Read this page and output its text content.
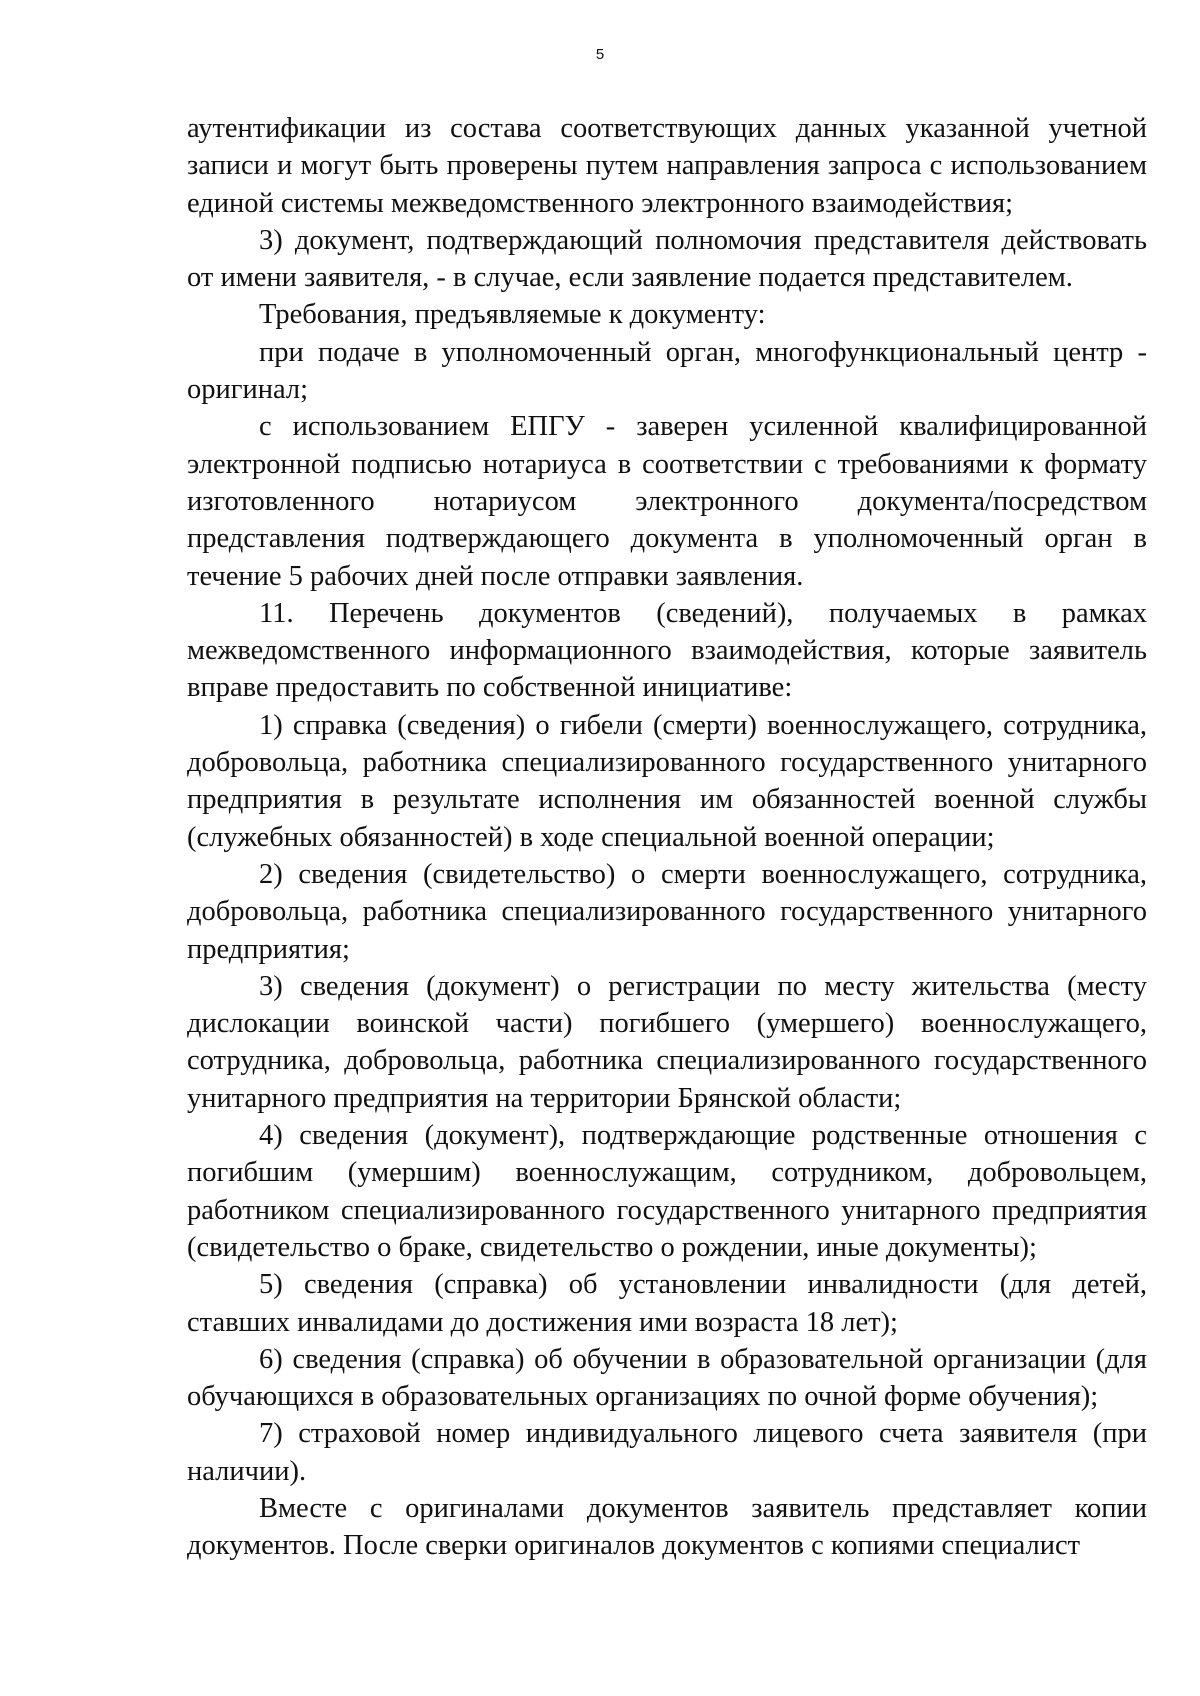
5

аутентификации из состава соответствующих данных указанной учетной записи и могут быть проверены путем направления запроса с использованием единой системы межведомственного электронного взаимодействия;

3) документ, подтверждающий полномочия представителя действовать от имени заявителя, - в случае, если заявление подается представителем.

Требования, предъявляемые к документу:

при подаче в уполномоченный орган, многофункциональный центр - оригинал;

с использованием ЕПГУ - заверен усиленной квалифицированной электронной подписью нотариуса в соответствии с требованиями к формату изготовленного нотариусом электронного документа/посредством представления подтверждающего документа в уполномоченный орган в течение 5 рабочих дней после отправки заявления.

11. Перечень документов (сведений), получаемых в рамках межведомственного информационного взаимодействия, которые заявитель вправе предоставить по собственной инициативе:

1) справка (сведения) о гибели (смерти) военнослужащего, сотрудника, добровольца, работника специализированного государственного унитарного предприятия в результате исполнения им обязанностей военной службы (служебных обязанностей) в ходе специальной военной операции;

2) сведения (свидетельство) о смерти военнослужащего, сотрудника, добровольца, работника специализированного государственного унитарного предприятия;

3) сведения (документ) о регистрации по месту жительства (месту дислокации воинской части) погибшего (умершего) военнослужащего, сотрудника, добровольца, работника специализированного государственного унитарного предприятия на территории Брянской области;

4) сведения (документ), подтверждающие родственные отношения с погибшим (умершим) военнослужащим, сотрудником, добровольцем, работником специализированного государственного унитарного предприятия (свидетельство о браке, свидетельство о рождении, иные документы);

5) сведения (справка) об установлении инвалидности (для детей, ставших инвалидами до достижения ими возраста 18 лет);

6) сведения (справка) об обучении в образовательной организации (для обучающихся в образовательных организациях по очной форме обучения);

7) страховой номер индивидуального лицевого счета заявителя (при наличии).

Вместе с оригиналами документов заявитель представляет копии документов. После сверки оригиналов документов с копиями специалист
